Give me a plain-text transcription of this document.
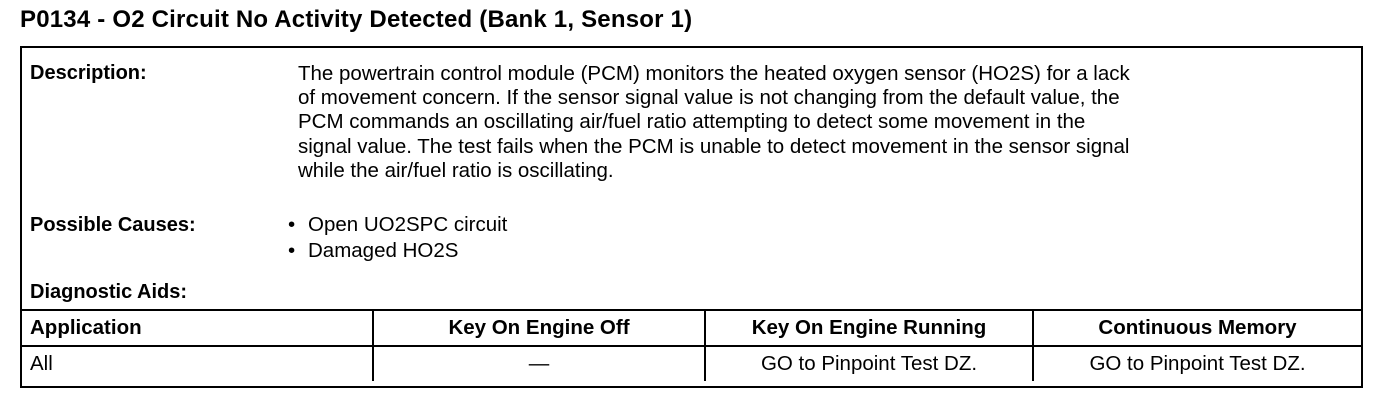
P0134 - O2 Circuit No Activity Detected (Bank 1, Sensor 1)
Description:	The powertrain control module (PCM) monitors the heated oxygen sensor (HO2S) for a lack
of movement concern. If the sensor signal value is not changing from the default value, the
PCM commands an oscillating air/fuel ratio attempting to detect some movement in the
signal value. The test fails when the PCM is unable to detect movement in the sensor signal
while the air/fuel ratio is oscillating.
Possible Causes:	• Open UO2SPC circuit
• Damaged HO2S
Diagnostic Aids:
Application	Key On Engine Off	Key On Engine Running	Continuous Memory
All	—	GO to Pinpoint Test DZ.	GO to Pinpoint Test DZ.
